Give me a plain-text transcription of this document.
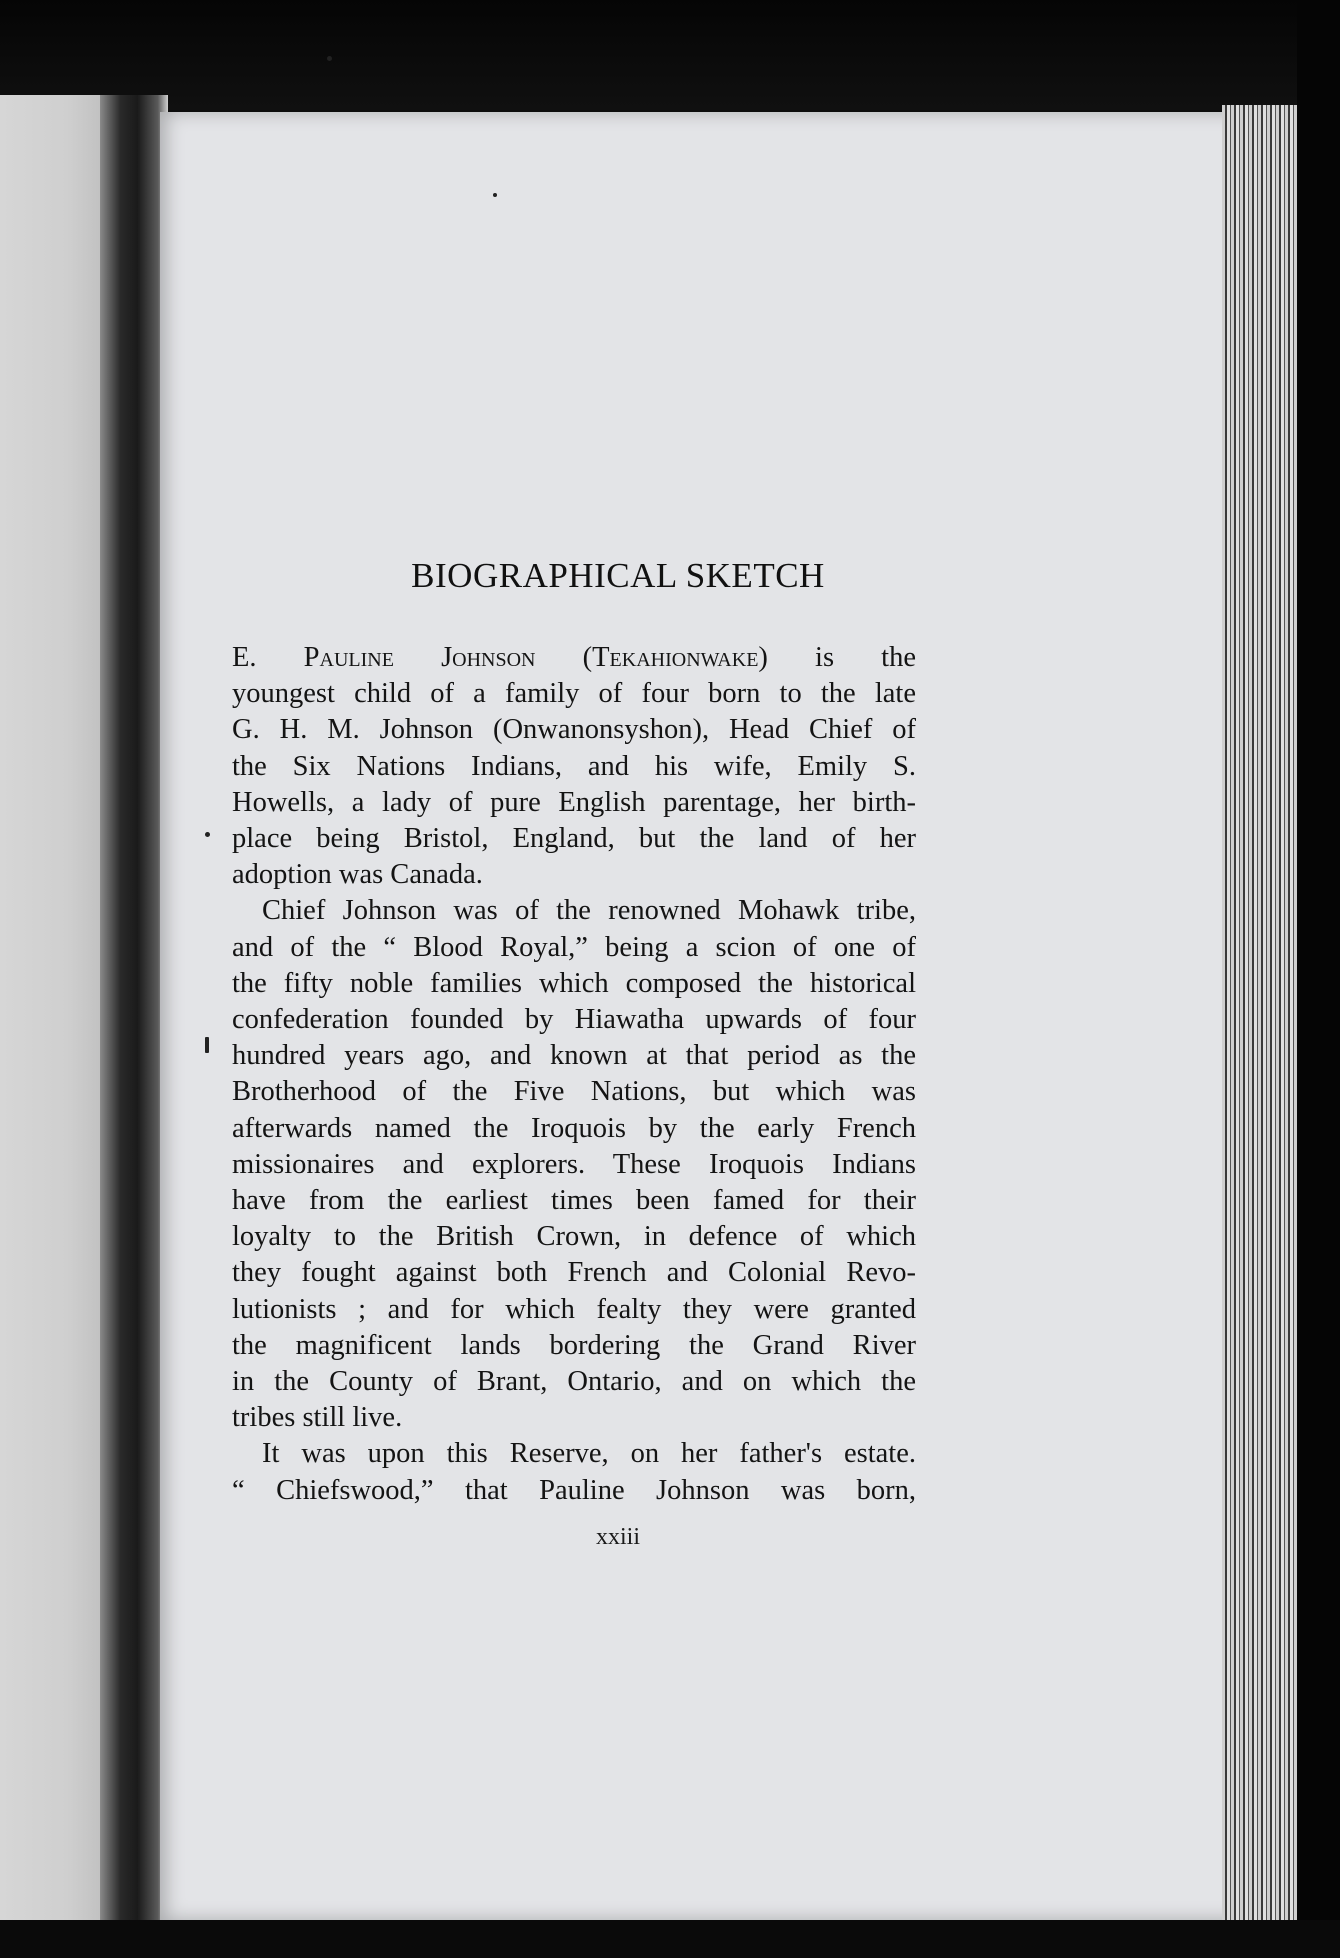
BIOGRAPHICAL SKETCH

E. Pauline Johnson (Tekahionwake) is the
youngest child of a family of four born to the late
G. H. M. Johnson (Onwanonsyshon), Head Chief of
the Six Nations Indians, and his wife, Emily S.
Howells, a lady of pure English parentage, her birth-
place being Bristol, England, but the land of her
adoption was Canada.

Chief Johnson was of the renowned Mohawk tribe,
and of the “ Blood Royal,” being a scion of one of
the fifty noble families which composed the historical
confederation founded by Hiawatha upwards of four
hundred years ago, and known at that period as the
Brotherhood of the Five Nations, but which was
afterwards named the Iroquois by the early French
missionaires and explorers. These Iroquois Indians
have from the earliest times been famed for their
loyalty to the British Crown, in defence of which
they fought against both French and Colonial Revo-
lutionists ; and for which fealty they were granted
the magnificent lands bordering the Grand River
in the County of Brant, Ontario, and on which the
tribes still live.

It was upon this Reserve, on her father's estate.
“ Chiefswood,” that Pauline Johnson was born,

xxiii
